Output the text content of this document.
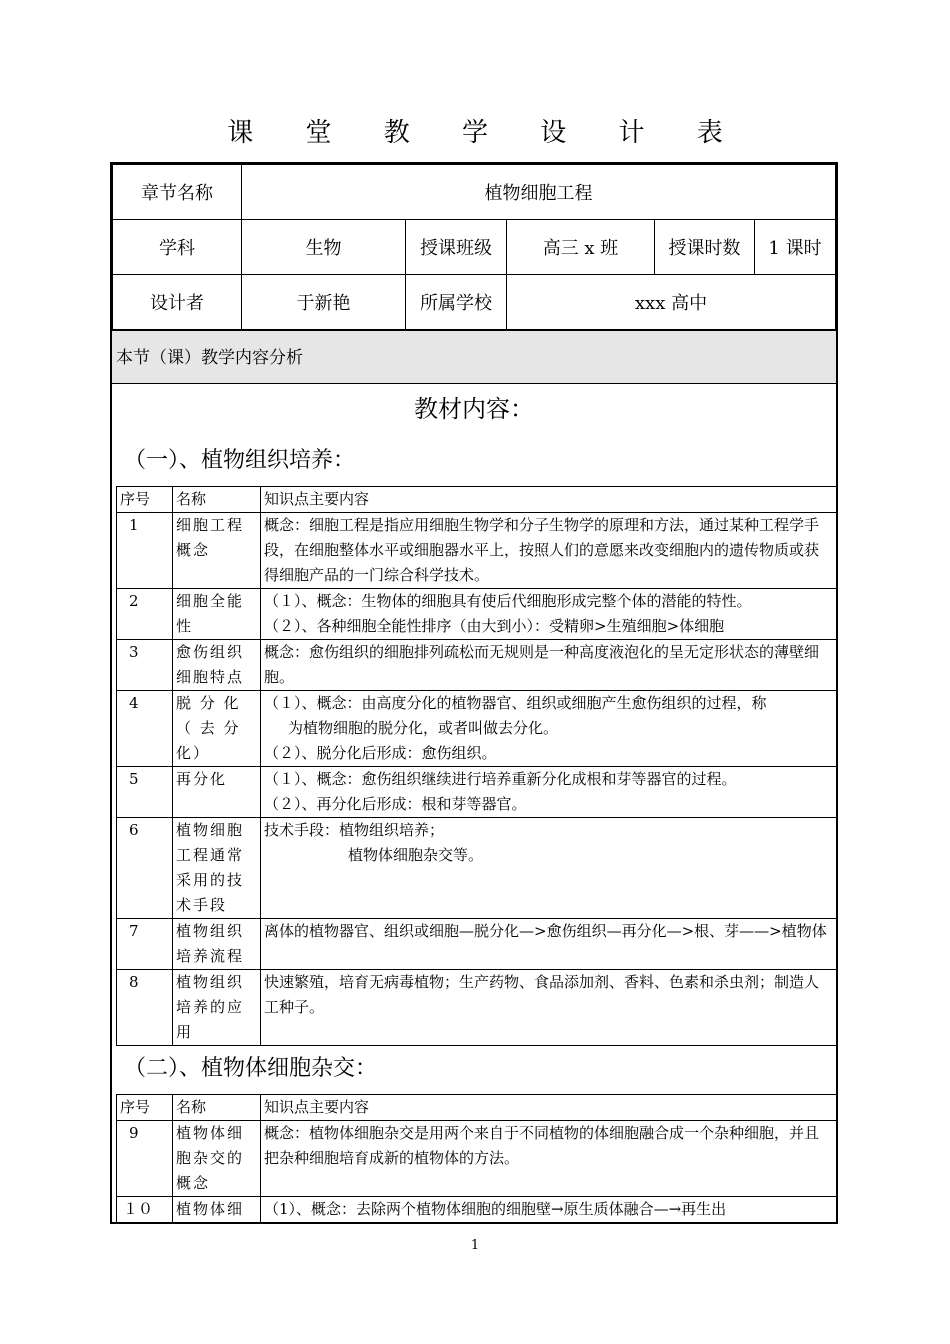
课 堂 教 学 设 计 表
章节名称	植物细胞工程				
学科	生物	授课班级	高三 x 班	授课时数	1 课时
设计者	于新艳	所属学校	xxx 高中		
本节（课）教学内容分析
教材内容：
（一）、植物组织培养：
序号	名称	知识点主要内容
1	细胞工程概念	概念：细胞工程是指应用细胞生物学和分子生物学的原理和方法，通过某种工程学手段，在细胞整体水平或细胞器水平上，按照人们的意愿来改变细胞内的遗传物质或获得细胞产品的一门综合科学技术。

2	细胞全能性	（１）、概念：生物体的细胞具有使后代细胞形成完整个体的潜能的特性。
（２）、各种细胞全能性排序（由大到小）：受精卵>生殖细胞>体细胞

3	愈伤组织细胞特点	概念：愈伤组织的细胞排列疏松而无规则是一种高度液泡化的呈无定形状态的薄壁细胞。

4	脱 分 化（ 去 分化）	（１）、概念：由高度分化的植物器官、组织或细胞产生愈伤组织的过程，称
为植物细胞的脱分化，或者叫做去分化。
（２）、脱分化后形成：愈伤组织。

5	再分化	（１）、概念：愈伤组织继续进行培养重新分化成根和芽等器官的过程。
（２）、再分化后形成：根和芽等器官。

6	植物细胞工程通常采用的技术手段	技术手段：植物组织培养；
植物体细胞杂交等。

7	植物组织培养流程	离体的植物器官、组织或细胞—脱分化—>愈伤组织—再分化—>根、芽——>植物体

8	植物组织培养的应用	快速繁殖，培育无病毒植物；生产药物、食品添加剂、香料、色素和杀虫剂；制造人工种子。
（二）、植物体细胞杂交：
序号	名称	知识点主要内容
9	植物体细胞杂交的概念	概念：植物体细胞杂交是用两个来自于不同植物的体细胞融合成一个杂种细胞，并且把杂种细胞培育成新的植物体的方法。

１０	植物体细	（1）、概念：去除两个植物体细胞的细胞壁→原生质体融合—→再生出
1
